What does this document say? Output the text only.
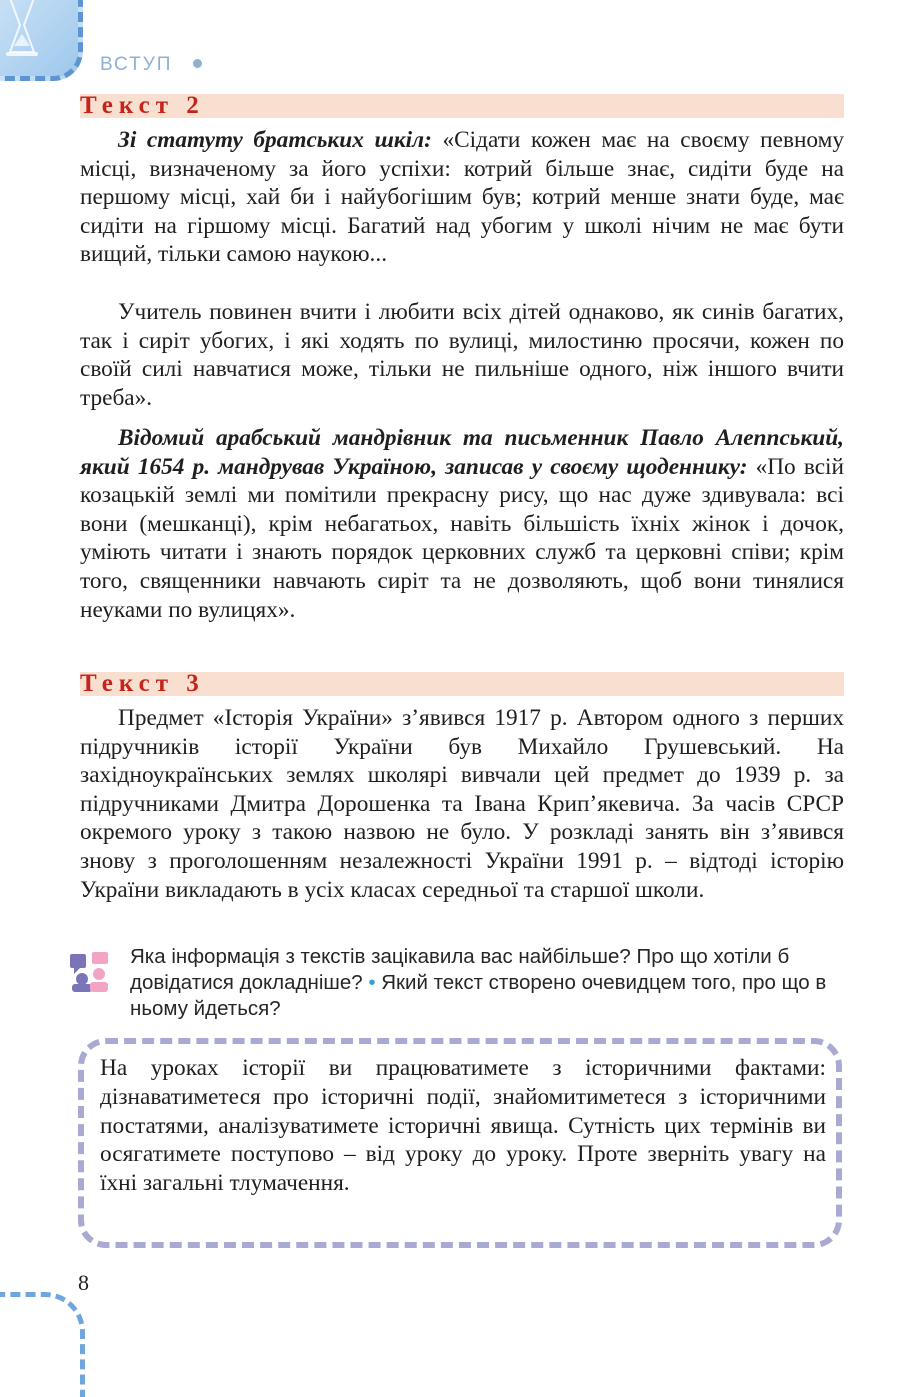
ВСТУП
Текст 2

Зі статуту братських шкіл: «Сідати кожен має на своєму певному місці, визначеному за його успіхи: котрий більше знає, сидіти буде на першому місці, хай би і найубогішим був; котрий менше знати буде, має сидіти на гіршому місці. Багатий над убогим у школі нічим не має бути вищий, тільки самою наукою...

Учитель повинен вчити і любити всіх дітей однаково, як синів багатих, так і сиріт убогих, і які ходять по вулиці, милостиню просячи, кожен по своїй силі навчатися може, тільки не пильніше одного, ніж іншого вчити треба».

Відомий арабський мандрівник та письменник Павло Алеппський, який 1654 р. мандрував Україною, записав у своєму щоденнику: «По всій козацькій землі ми помітили прекрасну рису, що нас дуже здивувала: всі вони (мешканці), крім небагатьох, навіть більшість їхніх жінок і дочок, уміють читати і знають порядок церковних служб та церковні співи; крім того, священники навчають сиріт та не дозволяють, щоб вони тинялися неуками по вулицях».

Текст 3

Предмет «Історія України» з’явився 1917 р. Автором одного з перших підручників історії України був Михайло Грушевський. На західноукраїнських землях школярі вивчали цей предмет до 1939 р. за підручниками Дмитра Дорошенка та Івана Крип’якевича. За часів СРСР окремого уроку з такою назвою не було. У розкладі занять він з’явився знову з проголошенням незалежності України 1991 р. – відтоді історію України викладають в усіх класах середньої та старшої школи.

Яка інформація з текстів зацікавила вас найбільше? Про що хотіли б довідатися докладніше? • Який текст створено очевидцем того, про що в ньому йдеться?

На уроках історії ви працюватимете з історичними фактами: дізнаватиметеся про історичні події, знайомитиметеся з історичними постатями, аналізуватимете історичні явища. Сутність цих термінів ви осягатимете поступово – від уроку до уроку. Проте зверніть увагу на їхні загальні тлумачення.

8
